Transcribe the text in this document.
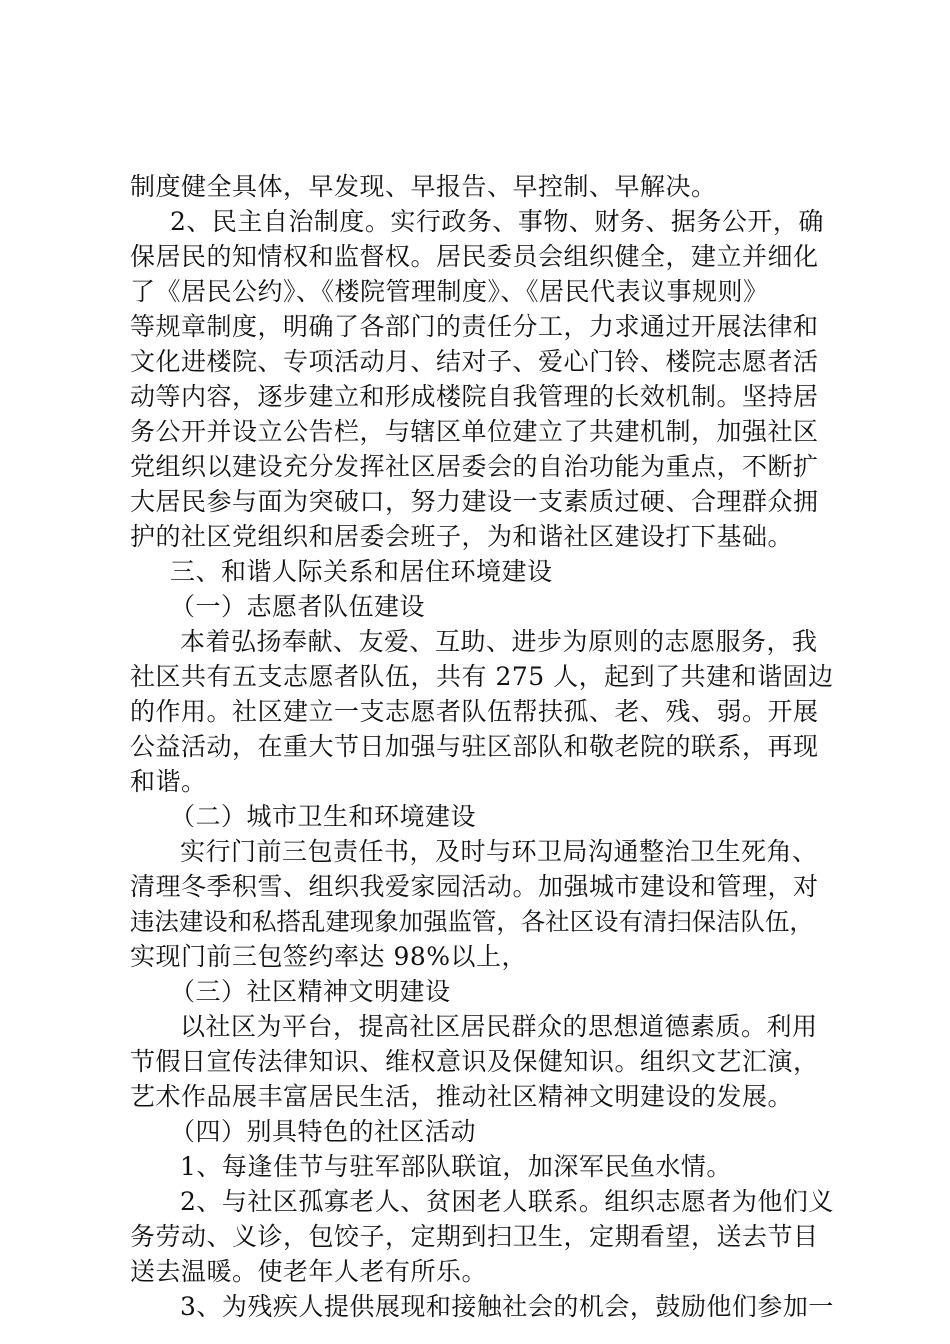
制度健全具体，早发现、早报告、早控制、早解决。
2、民主自治制度。实行政务、事物、财务、据务公开，确
保居民的知情权和监督权。居民委员会组织健全，建立并细化
了《居民公约》、《楼院管理制度》、《居民代表议事规则》
等规章制度，明确了各部门的责任分工，力求通过开展法律和
文化进楼院、专项活动月、结对子、爱心门铃、楼院志愿者活
动等内容，逐步建立和形成楼院自我管理的长效机制。坚持居
务公开并设立公告栏，与辖区单位建立了共建机制，加强社区
党组织以建设充分发挥社区居委会的自治功能为重点，不断扩
大居民参与面为突破口，努力建设一支素质过硬、合理群众拥
护的社区党组织和居委会班子，为和谐社区建设打下基础。
三、和谐人际关系和居住环境建设
（一）志愿者队伍建设
本着弘扬奉献、友爱、互助、进步为原则的志愿服务，我
社区共有五支志愿者队伍，共有 275 人，起到了共建和谐固边
的作用。社区建立一支志愿者队伍帮扶孤、老、残、弱。开展
公益活动，在重大节日加强与驻区部队和敬老院的联系，再现
和谐。
（二）城市卫生和环境建设
实行门前三包责任书，及时与环卫局沟通整治卫生死角、
清理冬季积雪、组织我爱家园活动。加强城市建设和管理，对
违法建设和私搭乱建现象加强监管，各社区设有清扫保洁队伍，
实现门前三包签约率达 98%以上，
（三）社区精神文明建设
以社区为平台，提高社区居民群众的思想道德素质。利用
节假日宣传法律知识、维权意识及保健知识。组织文艺汇演，
艺术作品展丰富居民生活，推动社区精神文明建设的发展。
（四）别具特色的社区活动
1、每逢佳节与驻军部队联谊，加深军民鱼水情。
2、与社区孤寡老人、贫困老人联系。组织志愿者为他们义
务劳动、义诊，包饺子，定期到扫卫生，定期看望，送去节目
送去温暖。使老年人老有所乐。
3、为残疾人提供展现和接触社会的机会，鼓励他们参加一
